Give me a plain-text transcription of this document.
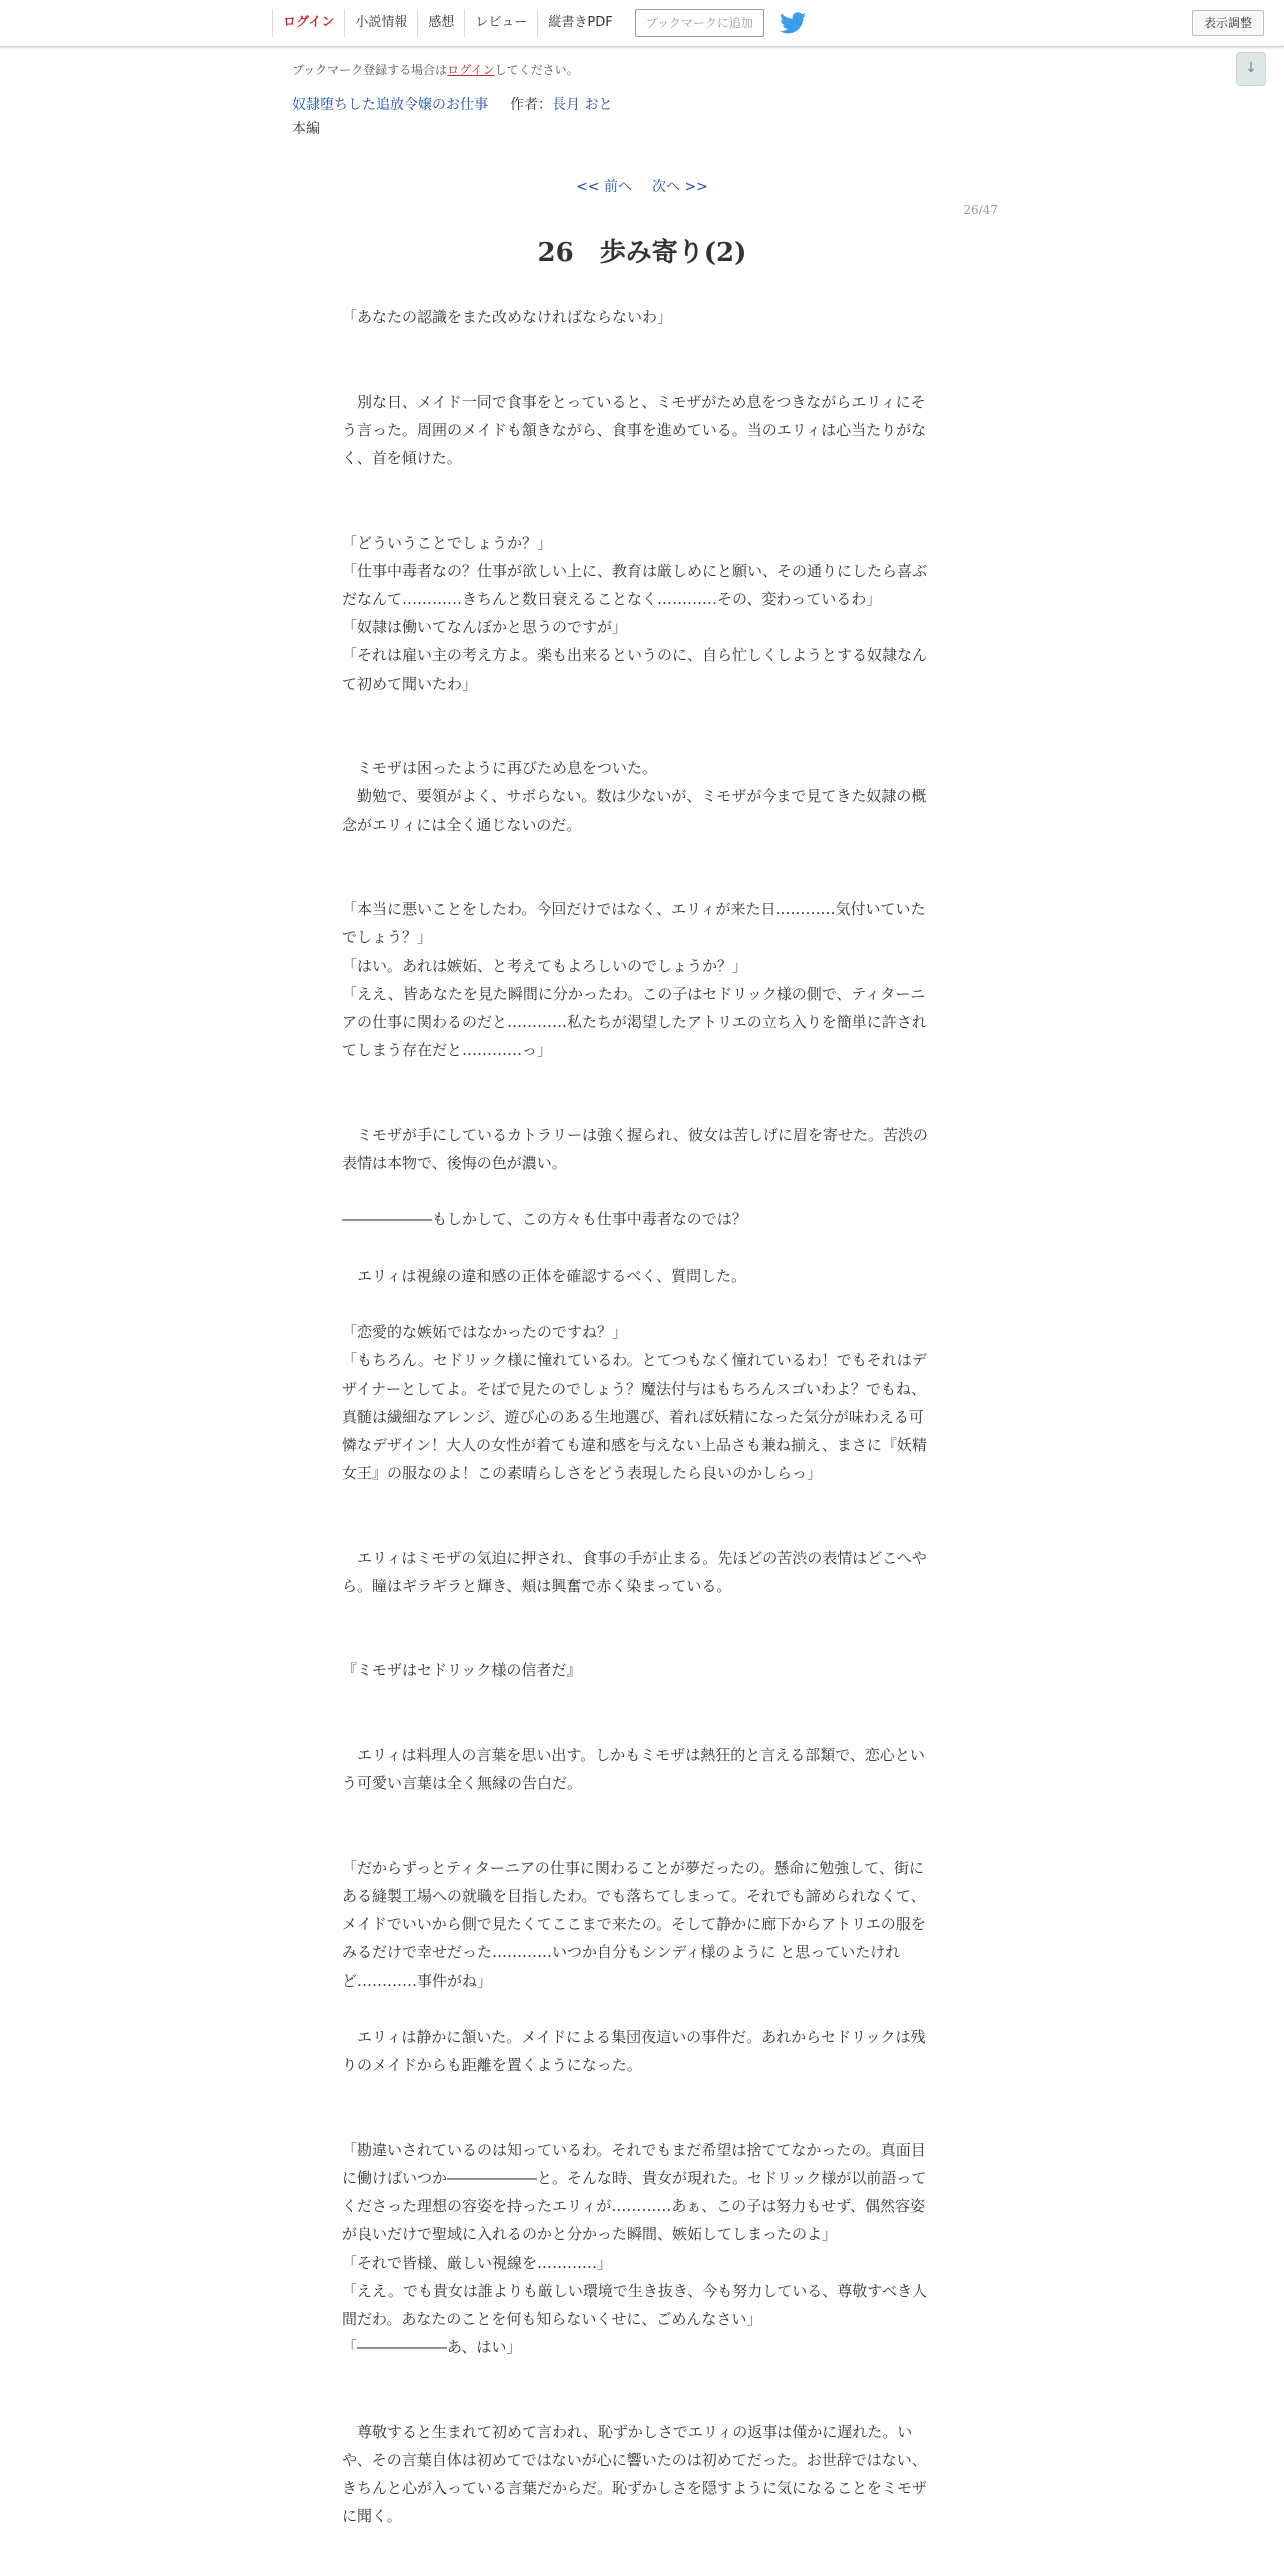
ログイン	小説情報	感想	レビュー	縦書きPDF	ブックマークに追加	表示調整
↓
ブックマーク登録する場合はログインしてください。
奴隷堕ちした追放令嬢のお仕事 作者：長月 おと
本編
<< 前へ 次へ >>
26/47
26　歩み寄り(2)

「あなたの認識をまた改めなければならないわ」

　別な日、メイド一同で食事をとっていると、ミモザがため息をつきながらエリィにそう言った。周囲のメイドも頷きながら、食事を進めている。当のエリィは心当たりがなく、首を傾けた。

「どういうことでしょうか？」

「仕事中毒者なの？仕事が欲しい上に、教育は厳しめにと願い、その通りにしたら喜ぶだなんて…………きちんと数日衰えることなく…………その、変わっているわ」

「奴隷は働いてなんぼかと思うのですが」

「それは雇い主の考え方よ。楽も出来るというのに、自ら忙しくしようとする奴隷なんて初めて聞いたわ」

　ミモザは困ったように再びため息をついた。

　勤勉で、要領がよく、サボらない。数は少ないが、ミモザが今まで見てきた奴隷の概念がエリィには全く通じないのだ。

「本当に悪いことをしたわ。今回だけではなく、エリィが来た日…………気付いていたでしょう？」

「はい。あれは嫉妬、と考えてもよろしいのでしょうか？」

「ええ、皆あなたを見た瞬間に分かったわ。この子はセドリック様の側で、ティターニアの仕事に関わるのだと…………私たちが渇望したアトリエの立ち入りを簡単に許されてしまう存在だと…………っ」

　ミモザが手にしているカトラリーは強く握られ、彼女は苦しげに眉を寄せた。苦渋の表情は本物で、後悔の色が濃い。

――――――もしかして、この方々も仕事中毒者なのでは？

　エリィは視線の違和感の正体を確認するべく、質問した。

「恋愛的な嫉妬ではなかったのですね？」

「もちろん。セドリック様に憧れているわ。とてつもなく憧れているわ！でもそれはデザイナーとしてよ。そばで見たのでしょう？魔法付与はもちろんスゴいわよ？でもね、真髄は繊細なアレンジ、遊び心のある生地選び、着れば妖精になった気分が味わえる可憐なデザイン！大人の女性が着ても違和感を与えない上品さも兼ね揃え、まさに『妖精女王』の服なのよ！この素晴らしさをどう表現したら良いのかしらっ」

　エリィはミモザの気迫に押され、食事の手が止まる。先ほどの苦渋の表情はどこへやら。瞳はギラギラと輝き、頬は興奮で赤く染まっている。

『ミモザはセドリック様の信者だ』

　エリィは料理人の言葉を思い出す。しかもミモザは熱狂的と言える部類で、恋心という可愛い言葉は全く無縁の告白だ。

「だからずっとティターニアの仕事に関わることが夢だったの。懸命に勉強して、街にある縫製工場への就職を目指したわ。でも落ちてしまって。それでも諦められなくて、メイドでいいから側で見たくてここまで来たの。そして静かに廊下からアトリエの服をみるだけで幸せだった…………いつか自分もシンディ様のように と思っていたけれど…………事件がね」

　エリィは静かに頷いた。メイドによる集団夜這いの事件だ。あれからセドリックは残りのメイドからも距離を置くようになった。

「勘違いされているのは知っているわ。それでもまだ希望は捨ててなかったの。真面目に働けばいつか――――――と。そんな時、貴女が現れた。セドリック様が以前語ってくださった理想の容姿を持ったエリィが…………あぁ、この子は努力もせず、偶然容姿が良いだけで聖域に入れるのかと分かった瞬間、嫉妬してしまったのよ」

「それで皆様、厳しい視線を…………」

「ええ。でも貴女は誰よりも厳しい環境で生き抜き、今も努力している、尊敬すべき人間だわ。あなたのことを何も知らないくせに、ごめんなさい」

「――――――あ、はい」

　尊敬すると生まれて初めて言われ、恥ずかしさでエリィの返事は僅かに遅れた。いや、その言葉自体は初めてではないが心に響いたのは初めてだった。お世辞ではない、きちんと心が入っている言葉だからだ。恥ずかしさを隠すように気になることをミモザに聞く。
